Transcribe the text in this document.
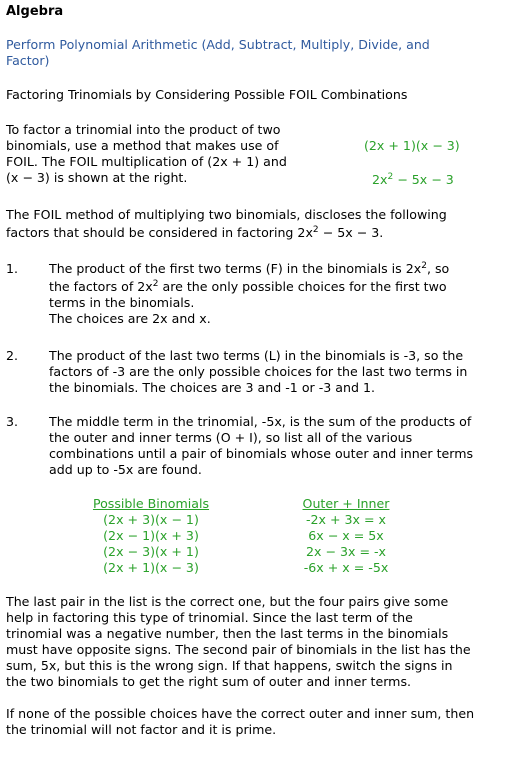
Algebra
Perform Polynomial Arithmetic (Add, Subtract, Multiply, Divide, and Factor)
Factoring Trinomials by Considering Possible FOIL Combinations
To factor a trinomial into the product of two
binomials, use a method that makes use of
FOIL. The FOIL multiplication of (2x + 1) and
(x − 3) is shown at the right.
(2x + 1)(x − 3)
$2x^2 - 5x - 3$
The FOIL method of multiplying two binomials, discloses the following
factors that should be considered in factoring $2x^2 - 5x - 3$.
1. The product of the first two terms (F) in the binomials is $2x^2$, so
the factors of $2x^2$ are the only possible choices for the first two
terms in the binomials.
The choices are 2x and x.
2. The product of the last two terms (L) in the binomials is -3, so the
factors of -3 are the only possible choices for the last two terms in
the binomials. The choices are 3 and -1 or -3 and 1.
3. The middle term in the trinomial, -5x, is the sum of the products of
the outer and inner terms (O + I), so list all of the various
combinations until a pair of binomials whose outer and inner terms
add up to -5x are found.
Possible Binomials
(2x + 3)(x − 1)
(2x − 1)(x + 3)
(2x − 3)(x + 1)
(2x + 1)(x − 3)
Outer + Inner
-2x + 3x = x
6x − x = 5x
2x − 3x = -x
-6x + x = -5x
The last pair in the list is the correct one, but the four pairs give some
help in factoring this type of trinomial. Since the last term of the
trinomial was a negative number, then the last terms in the binomials
must have opposite signs. The second pair of binomials in the list has the
sum, 5x, but this is the wrong sign. If that happens, switch the signs in
the two binomials to get the right sum of outer and inner terms.
If none of the possible choices have the correct outer and inner sum, then
the trinomial will not factor and it is prime.
